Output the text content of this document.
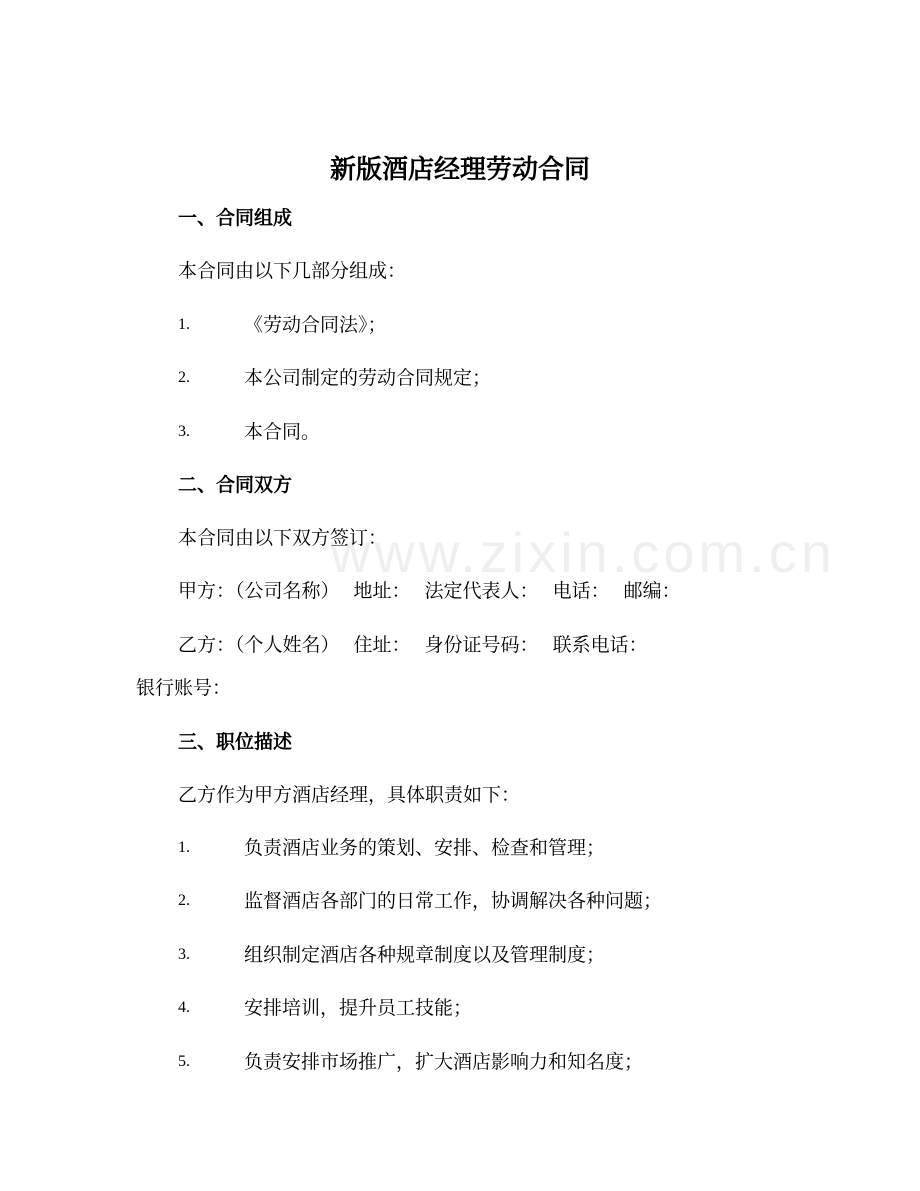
www.zixin.com.cn
新版酒店经理劳动合同
一、合同组成
本合同由以下几部分组成：
1.	《劳动合同法》；
2.	本公司制定的劳动合同规定；
3.	本合同。
二、合同双方
本合同由以下双方签订：
甲方：（公司名称） 地址： 法定代表人： 电话： 邮编：
乙方：（个人姓名） 住址： 身份证号码： 联系电话：
银行账号：
三、职位描述
乙方作为甲方酒店经理，具体职责如下：
1.	负责酒店业务的策划、安排、检查和管理；
2.	监督酒店各部门的日常工作，协调解决各种问题；
3.	组织制定酒店各种规章制度以及管理制度；
4.	安排培训，提升员工技能；
5.	负责安排市场推广，扩大酒店影响力和知名度；
